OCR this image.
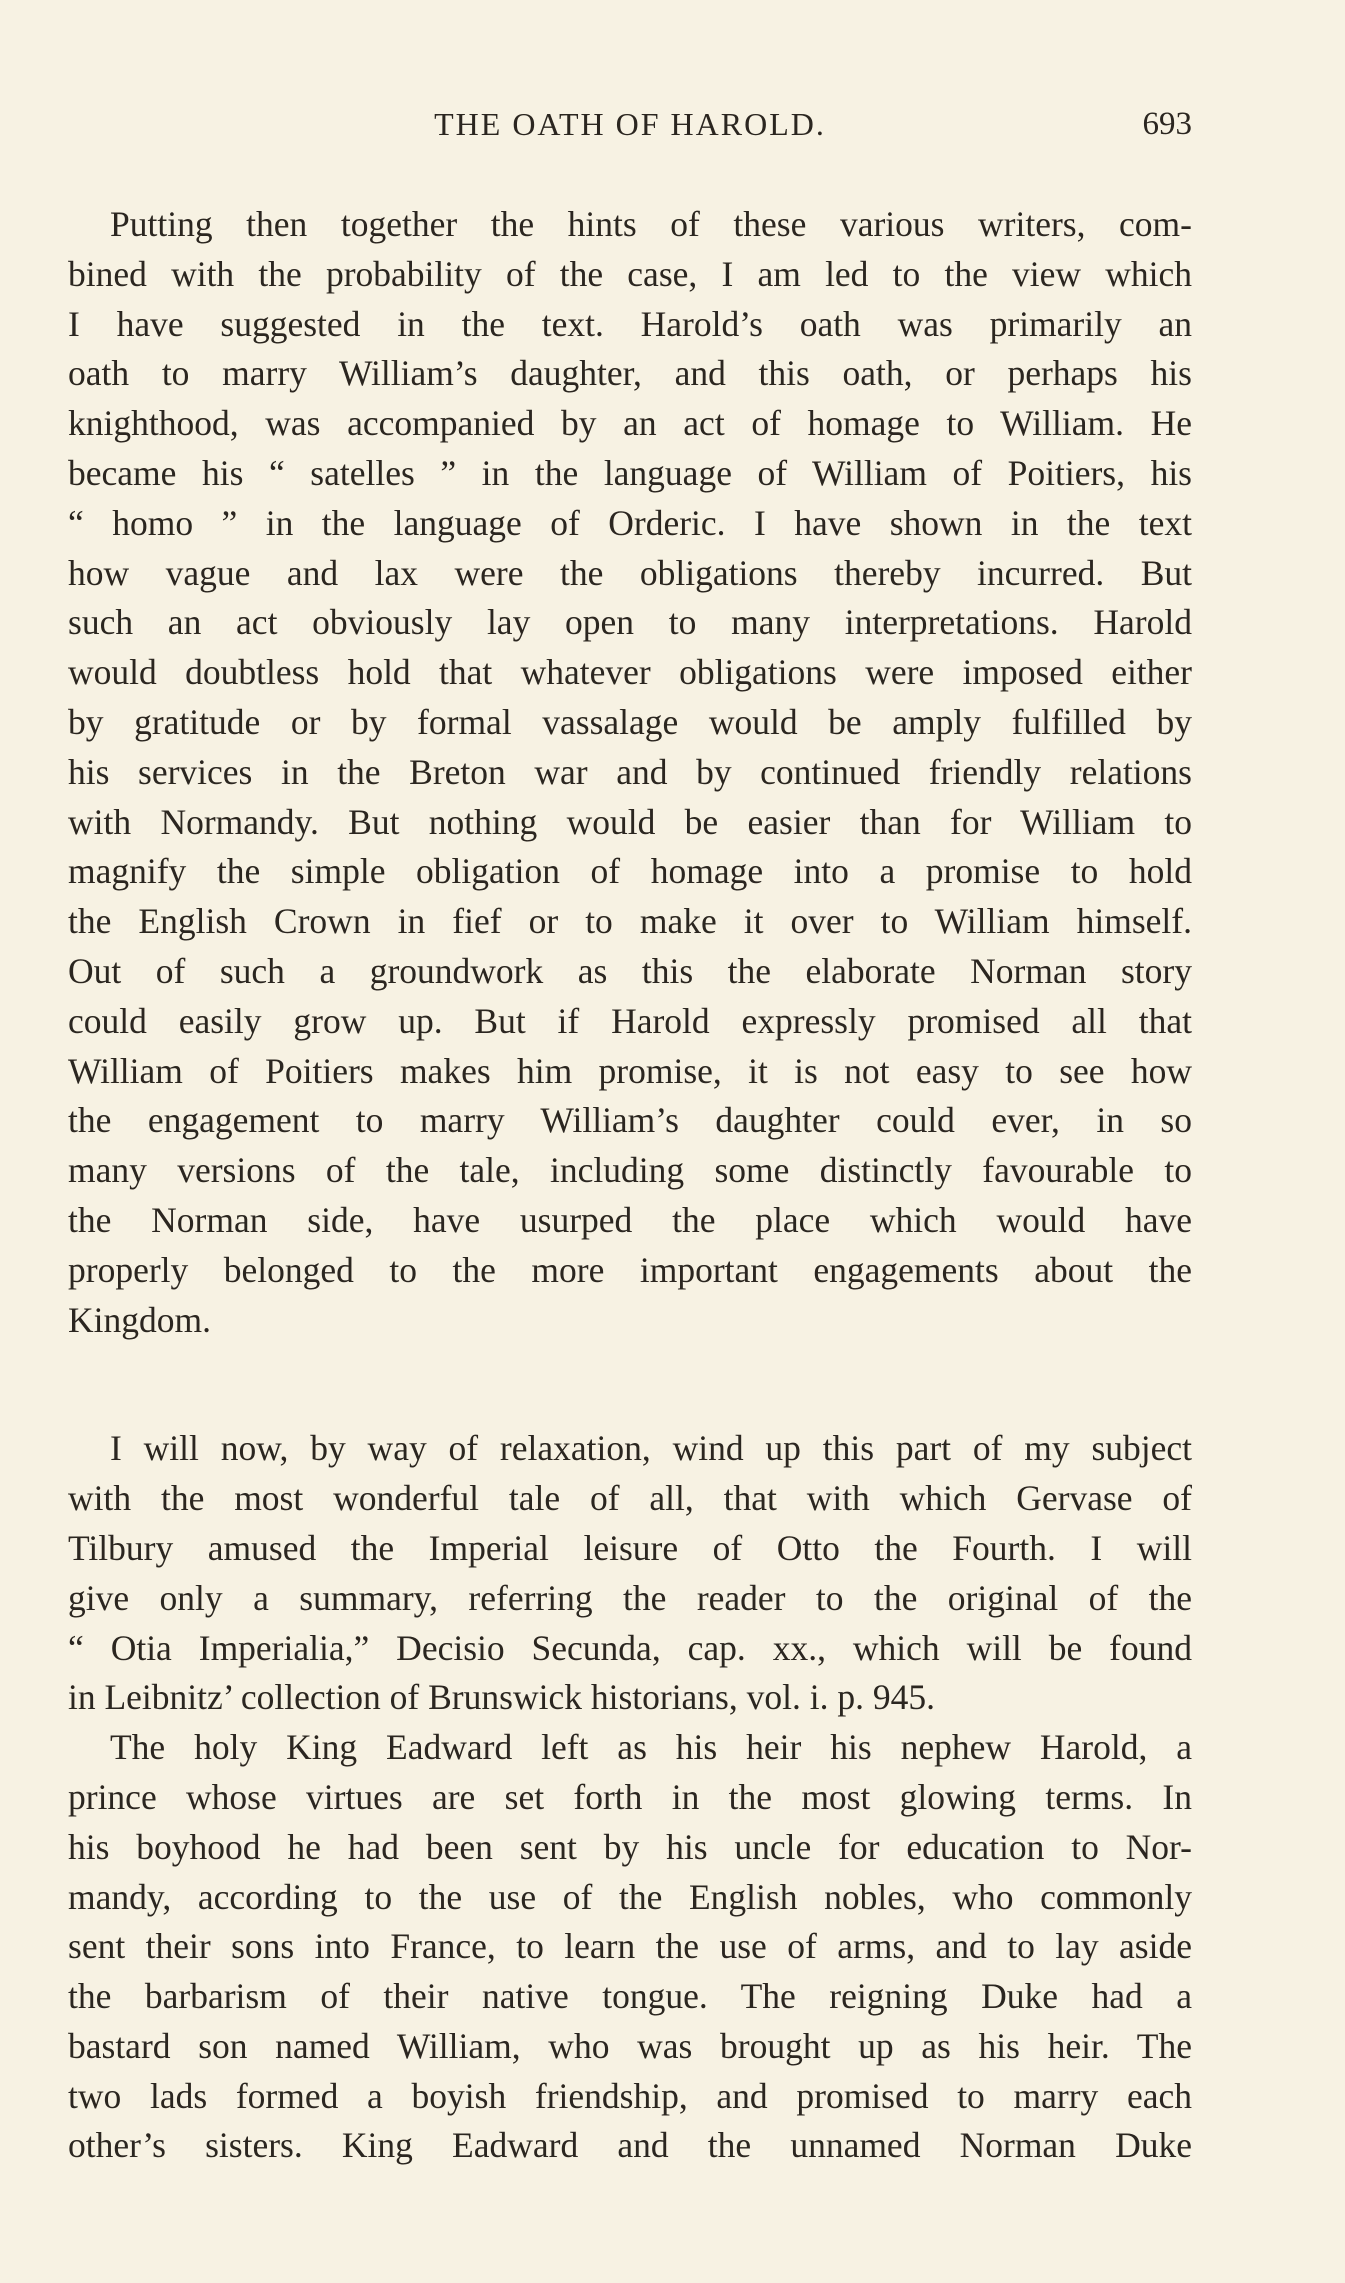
THE OATH OF HAROLD.	693
Putting then together the hints of these various writers, com-
bined with the probability of the case, I am led to the view which
I have suggested in the text. Harold’s oath was primarily an
oath to marry William’s daughter, and this oath, or perhaps his
knighthood, was accompanied by an act of homage to William. He
became his “ satelles ” in the language of William of Poitiers, his
“ homo ” in the language of Orderic. I have shown in the text
how vague and lax were the obligations thereby incurred. But
such an act obviously lay open to many interpretations. Harold
would doubtless hold that whatever obligations were imposed either
by gratitude or by formal vassalage would be amply fulfilled by
his services in the Breton war and by continued friendly relations
with Normandy. But nothing would be easier than for William to
magnify the simple obligation of homage into a promise to hold
the English Crown in fief or to make it over to William himself.
Out of such a groundwork as this the elaborate Norman story
could easily grow up. But if Harold expressly promised all that
William of Poitiers makes him promise, it is not easy to see how
the engagement to marry William’s daughter could ever, in so
many versions of the tale, including some distinctly favourable to
the Norman side, have usurped the place which would have
properly belonged to the more important engagements about the
Kingdom.
I will now, by way of relaxation, wind up this part of my subject
with the most wonderful tale of all, that with which Gervase of
Tilbury amused the Imperial leisure of Otto the Fourth. I will
give only a summary, referring the reader to the original of the
“ Otia Imperialia,” Decisio Secunda, cap. xx., which will be found
in Leibnitz’ collection of Brunswick historians, vol. i. p. 945.
The holy King Eadward left as his heir his nephew Harold, a
prince whose virtues are set forth in the most glowing terms. In
his boyhood he had been sent by his uncle for education to Nor-
mandy, according to the use of the English nobles, who commonly
sent their sons into France, to learn the use of arms, and to lay aside
the barbarism of their native tongue. The reigning Duke had a
bastard son named William, who was brought up as his heir. The
two lads formed a boyish friendship, and promised to marry each
other’s sisters. King Eadward and the unnamed Norman Duke
